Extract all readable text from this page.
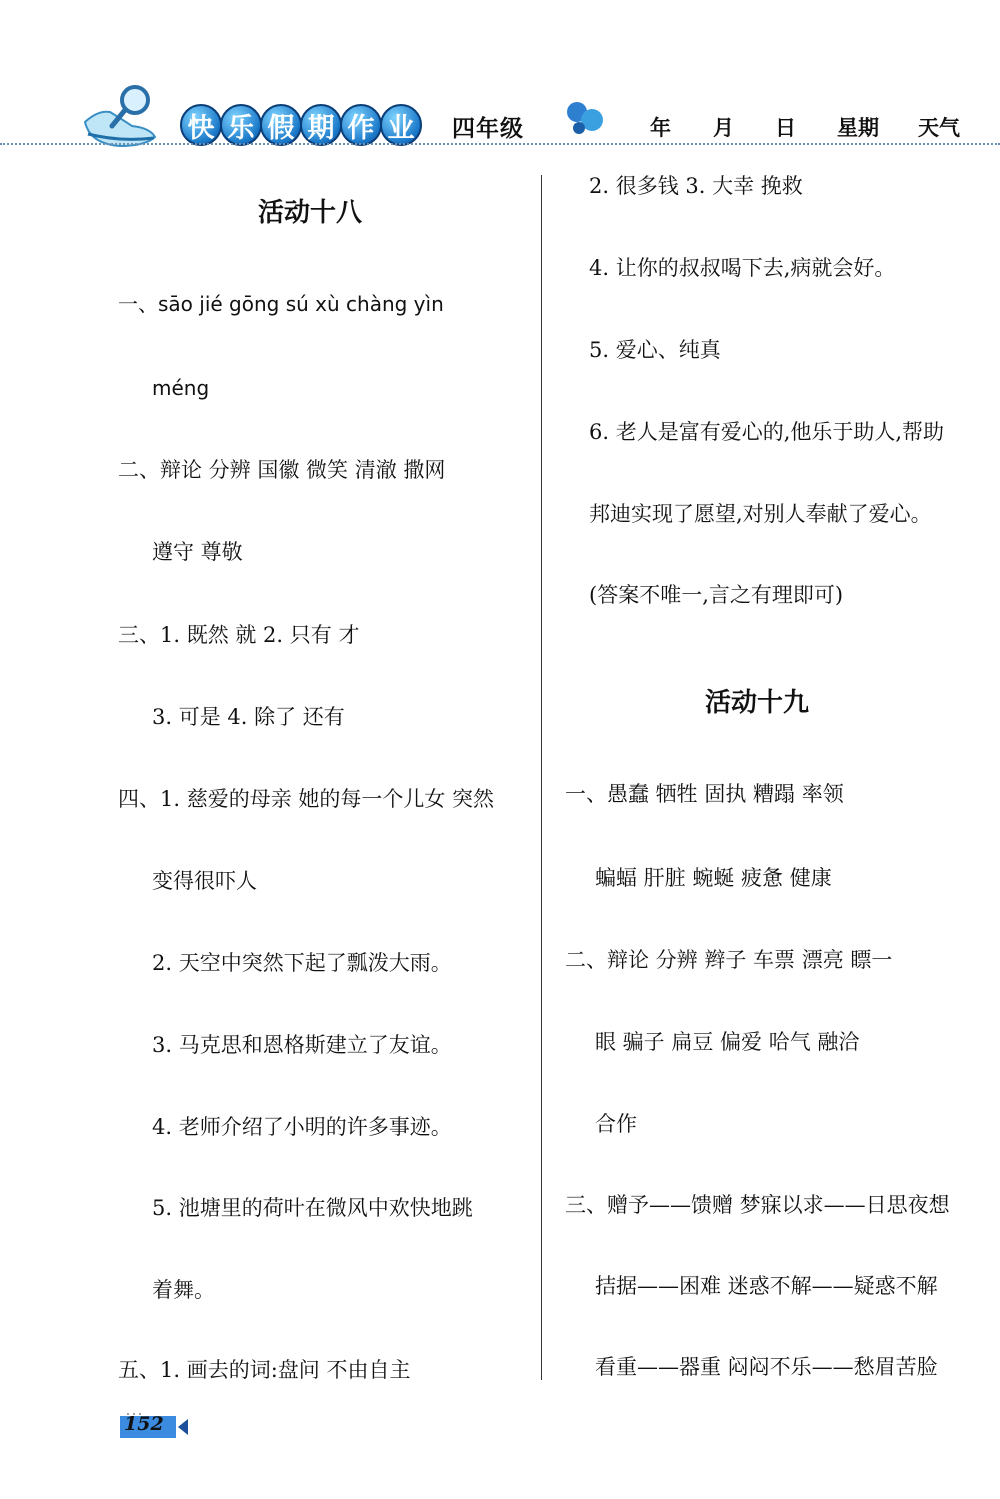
快 乐 假 期 作 业	四年级	年 月 日 星期 天气
活动十八
一、sāo jié gōng sú xù chàng yìn
méng
二、辩论 分辨 国徽 微笑 清澈 撒网
遵守 尊敬
三、1. 既然 就 2. 只有 才
3. 可是 4. 除了 还有
四、1. 慈爱的母亲 她的每一个儿女 突然
变得很吓人
2. 天空中突然下起了瓢泼大雨。
3. 马克思和恩格斯建立了友谊。
4. 老师介绍了小明的许多事迹。
5. 池塘里的荷叶在微风中欢快地跳
着舞。
五、1. 画去的词:盘问 不由自主
2. 很多钱 3. 大幸 挽救
4. 让你的叔叔喝下去,病就会好。
5. 爱心、纯真
6. 老人是富有爱心的,他乐于助人,帮助
邦迪实现了愿望,对别人奉献了爱心。
(答案不唯一,言之有理即可)
活动十九
一、愚蠢 牺牲 固执 糟蹋 率领
蝙蝠 肝脏 蜿蜒 疲惫 健康
二、辩论 分辨 辫子 车票 漂亮 瞟一
眼 骗子 扁豆 偏爱 哈气 融洽
合作
三、赠予——馈赠 梦寐以求——日思夜想
拮据——困难 迷惑不解——疑惑不解
看重——器重 闷闷不乐——愁眉苦脸
152
